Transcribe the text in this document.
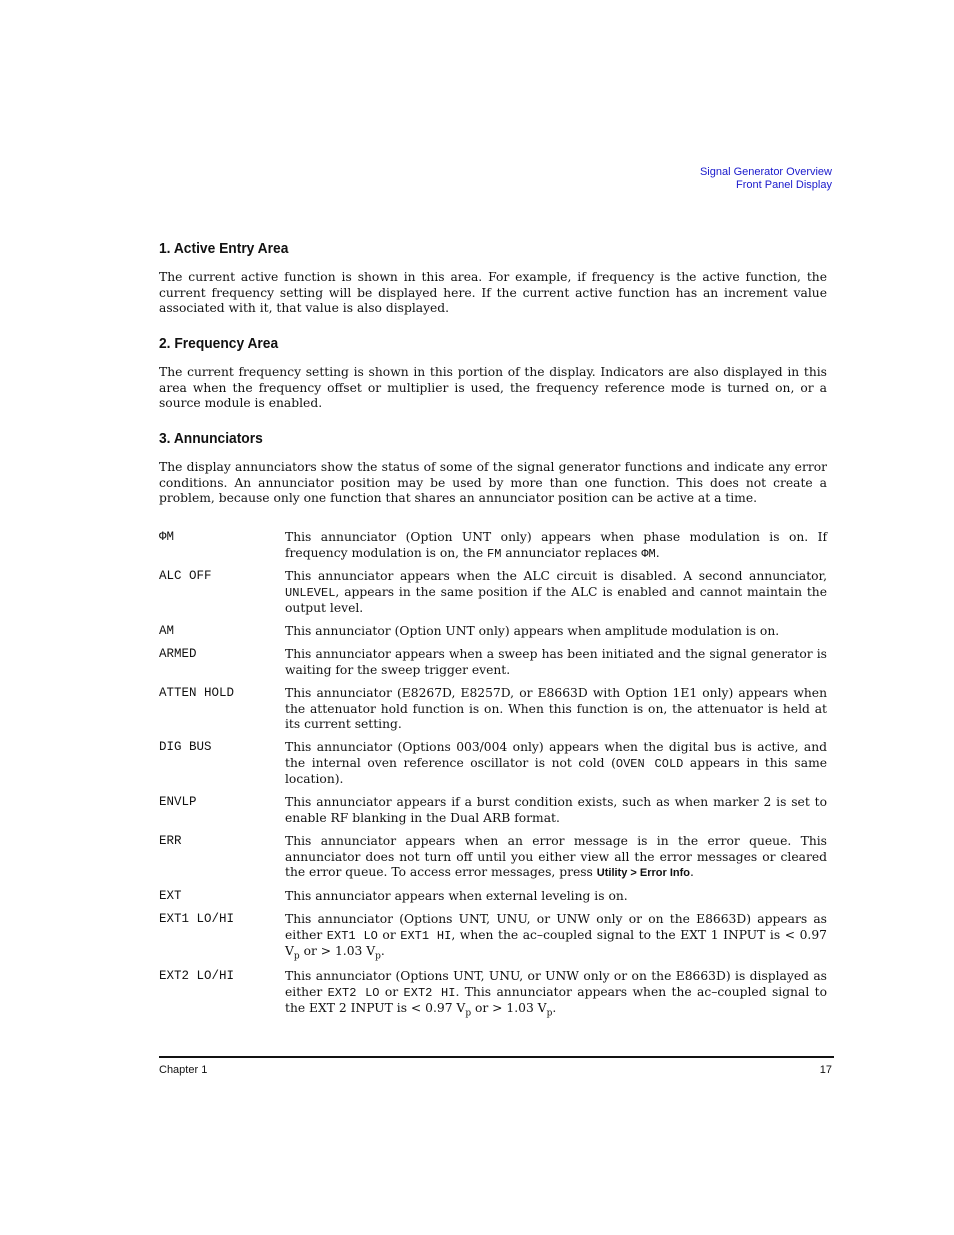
Signal Generator Overview
Front Panel Display
1. Active Entry Area

The current active function is shown in this area. For example, if frequency is the active function, the current frequency setting will be displayed here. If the current active function has an increment value associated with it, that value is also displayed.

2. Frequency Area

The current frequency setting is shown in this portion of the display. Indicators are also displayed in this area when the frequency offset or multiplier is used, the frequency reference mode is turned on, or a source module is enabled.

3. Annunciators

The display annunciators show the status of some of the signal generator functions and indicate any error conditions. An annunciator position may be used by more than one function. This does not create a problem, because only one function that shares an annunciator position can be active at a time.

ΦM	This annunciator (Option UNT only) appears when phase modulation is on. If frequency modulation is on, the FM annunciator replaces ΦM.

ALC OFF	This annunciator appears when the ALC circuit is disabled. A second annunciator, UNLEVEL, appears in the same position if the ALC is enabled and cannot maintain the output level.

AM	This annunciator (Option UNT only) appears when amplitude modulation is on.

ARMED	This annunciator appears when a sweep has been initiated and the signal generator is waiting for the sweep trigger event.

ATTEN HOLD	This annunciator (E8267D, E8257D, or E8663D with Option 1E1 only) appears when the attenuator hold function is on. When this function is on, the attenuator is held at its current setting.

DIG BUS	This annunciator (Options 003/004 only) appears when the digital bus is active, and the internal oven reference oscillator is not cold (OVEN COLD appears in this same location).

ENVLP	This annunciator appears if a burst condition exists, such as when marker 2 is set to enable RF blanking in the Dual ARB format.

ERR	This annunciator appears when an error message is in the error queue. This annunciator does not turn off until you either view all the error messages or cleared the error queue. To access error messages, press Utility > Error Info.

EXT	This annunciator appears when external leveling is on.

EXT1 LO/HI	This annunciator (Options UNT, UNU, or UNW only or on the E8663D) appears as either EXT1 LO or EXT1 HI, when the ac–coupled signal to the EXT 1 INPUT is < 0.97 $V_p$ or > 1.03 $V_p$.

EXT2 LO/HI	This annunciator (Options UNT, UNU, or UNW only or on the E8663D) is displayed as either EXT2 LO or EXT2 HI. This annunciator appears when the ac–coupled signal to the EXT 2 INPUT is < 0.97 $V_p$ or > 1.03 $V_p$.

Chapter 1	17
